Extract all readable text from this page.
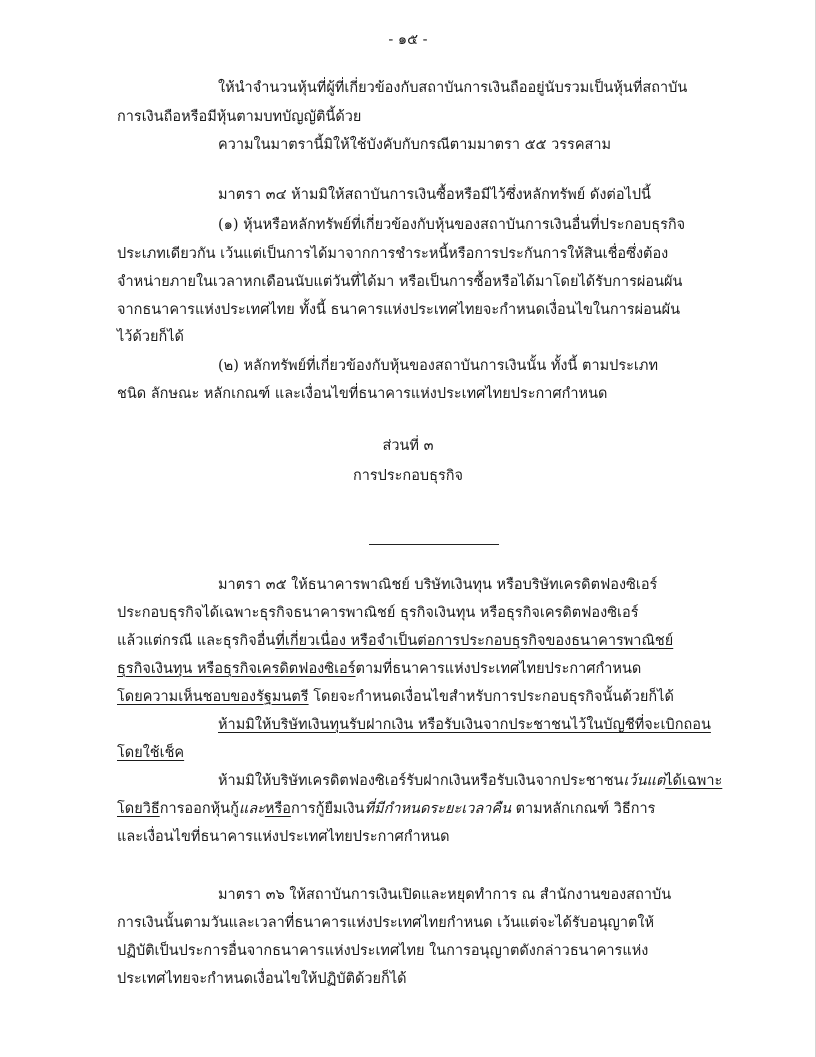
- ๑๕ -
ให้นำจำนวนหุ้นที่ผู้ที่เกี่ยวข้องกับสถาบันการเงินถืออยู่นับรวมเป็นหุ้นที่สถาบัน
การเงินถือหรือมีหุ้นตามบทบัญญัตินี้ด้วย
ความในมาตรานี้มิให้ใช้บังคับกับกรณีตามมาตรา ๕๕ วรรคสาม
มาตรา ๓๔ ห้ามมิให้สถาบันการเงินซื้อหรือมีไว้ซึ่งหลักทรัพย์ ดังต่อไปนี้
(๑) หุ้นหรือหลักทรัพย์ที่เกี่ยวข้องกับหุ้นของสถาบันการเงินอื่นที่ประกอบธุรกิจ
ประเภทเดียวกัน เว้นแต่เป็นการได้มาจากการชำระหนี้หรือการประกันการให้สินเชื่อซึ่งต้อง
จำหน่ายภายในเวลาหกเดือนนับแต่วันที่ได้มา หรือเป็นการซื้อหรือได้มาโดยได้รับการผ่อนผัน
จากธนาคารแห่งประเทศไทย ทั้งนี้ ธนาคารแห่งประเทศไทยจะกำหนดเงื่อนไขในการผ่อนผัน
ไว้ด้วยก็ได้
(๒) หลักทรัพย์ที่เกี่ยวข้องกับหุ้นของสถาบันการเงินนั้น ทั้งนี้ ตามประเภท
ชนิด ลักษณะ หลักเกณฑ์ และเงื่อนไขที่ธนาคารแห่งประเทศไทยประกาศกำหนด
ส่วนที่ ๓
การประกอบธุรกิจ
มาตรา ๓๕ ให้ธนาคารพาณิชย์ บริษัทเงินทุน หรือบริษัทเครดิตฟองซิเอร์
ประกอบธุรกิจได้เฉพาะธุรกิจธนาคารพาณิชย์ ธุรกิจเงินทุน หรือธุรกิจเครดิตฟองซิเอร์
แล้วแต่กรณี และธุรกิจอื่นที่เกี่ยวเนื่อง หรือจำเป็นต่อการประกอบธุรกิจของธนาคารพาณิชย์
ธุรกิจเงินทุน หรือธุรกิจเครดิตฟองซิเอร์ตามที่ธนาคารแห่งประเทศไทยประกาศกำหนด
โดยความเห็นชอบของรัฐมนตรี โดยจะกำหนดเงื่อนไขสำหรับการประกอบธุรกิจนั้นด้วยก็ได้
ห้ามมิให้บริษัทเงินทุนรับฝากเงิน หรือรับเงินจากประชาชนไว้ในบัญชีที่จะเบิกถอน
โดยใช้เช็ค
ห้ามมิให้บริษัทเครดิตฟองซิเอร์รับฝากเงินหรือรับเงินจากประชาชนเว้นแต่ได้เฉพาะ
โดยวิธีการออกหุ้นกู้และหรือการกู้ยืมเงินที่มีกำหนดระยะเวลาคืน ตามหลักเกณฑ์ วิธีการ
และเงื่อนไขที่ธนาคารแห่งประเทศไทยประกาศกำหนด
มาตรา ๓๖ ให้สถาบันการเงินเปิดและหยุดทำการ ณ สำนักงานของสถาบัน
การเงินนั้นตามวันและเวลาที่ธนาคารแห่งประเทศไทยกำหนด เว้นแต่จะได้รับอนุญาตให้
ปฏิบัติเป็นประการอื่นจากธนาคารแห่งประเทศไทย ในการอนุญาตดังกล่าวธนาคารแห่ง
ประเทศไทยจะกำหนดเงื่อนไขให้ปฏิบัติด้วยก็ได้
